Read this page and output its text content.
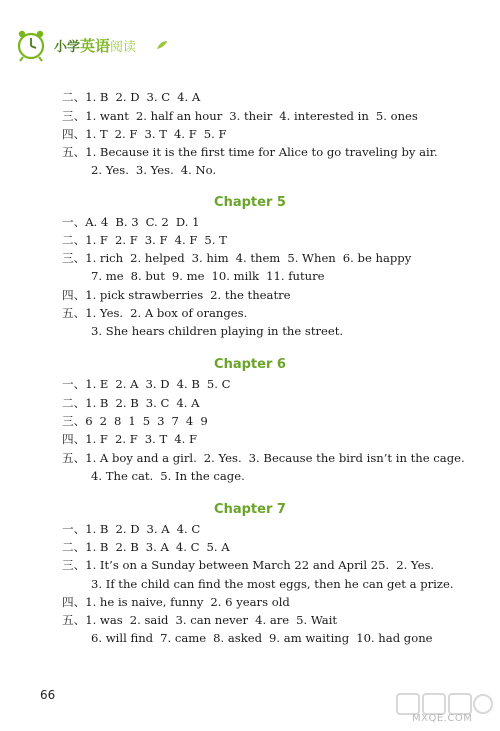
小学英语阅读
二、1. B 2. D 3. C 4. A
三、1. want 2. half an hour 3. their 4. interested in 5. ones
四、1. T 2. F 3. T 4. F 5. F
五、1. Because it is the first time for Alice to go traveling by air.
2. Yes. 3. Yes. 4. No.
Chapter 5
一、A. 4 B. 3 C. 2 D. 1
二、1. F 2. F 3. F 4. F 5. T
三、1. rich 2. helped 3. him 4. them 5. When 6. be happy
7. me 8. but 9. me 10. milk 11. future
四、1. pick strawberries 2. the theatre
五、1. Yes. 2. A box of oranges.
3. She hears children playing in the street.
Chapter 6
一、1. E 2. A 3. D 4. B 5. C
二、1. B 2. B 3. C 4. A
三、6 2 8 1 5 3 7 4 9
四、1. F 2. F 3. T 4. F
五、1. A boy and a girl. 2. Yes. 3. Because the bird isn’t in the cage.
4. The cat. 5. In the cage.
Chapter 7
一、1. B 2. D 3. A 4. C
二、1. B 2. B 3. A 4. C 5. A
三、1. It’s on a Sunday between March 22 and April 25. 2. Yes.
3. If the child can find the most eggs, then he can get a prize.
四、1. he is naive, funny 2. 6 years old
五、1. was 2. said 3. can never 4. are 5. Wait
6. will find 7. came 8. asked 9. am waiting 10. had gone
66
MXQE.COM
